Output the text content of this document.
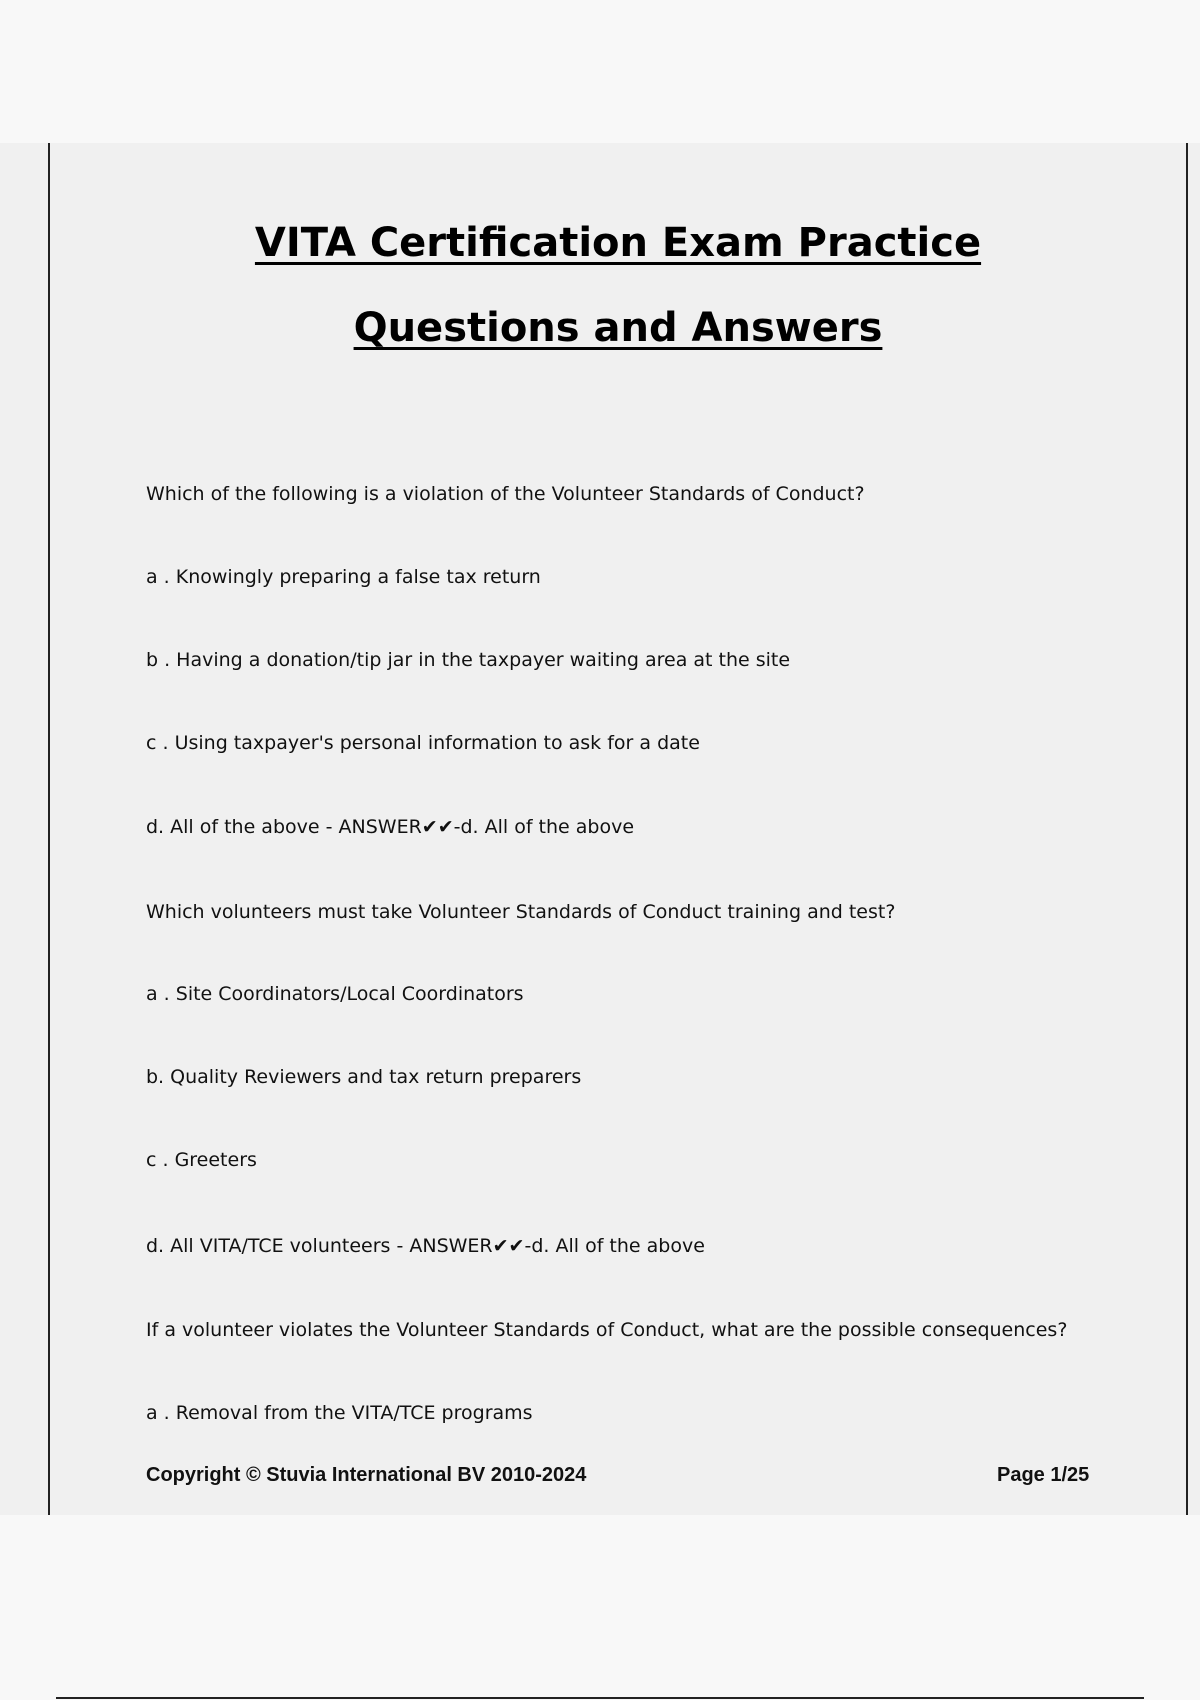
VITA Certification Exam Practice
Questions and Answers
Which of the following is a violation of the Volunteer Standards of Conduct?
a . Knowingly preparing a false tax return
b . Having a donation/tip jar in the taxpayer waiting area at the site
c . Using taxpayer's personal information to ask for a date
d. All of the above - ANSWER✔✔-d. All of the above
Which volunteers must take Volunteer Standards of Conduct training and test?
a . Site Coordinators/Local Coordinators
b. Quality Reviewers and tax return preparers
c . Greeters
d. All VITA/TCE volunteers - ANSWER✔✔-d. All of the above
If a volunteer violates the Volunteer Standards of Conduct, what are the possible consequences?
a . Removal from the VITA/TCE programs
Copyright © Stuvia International BV 2010-2024	Page 1/25
